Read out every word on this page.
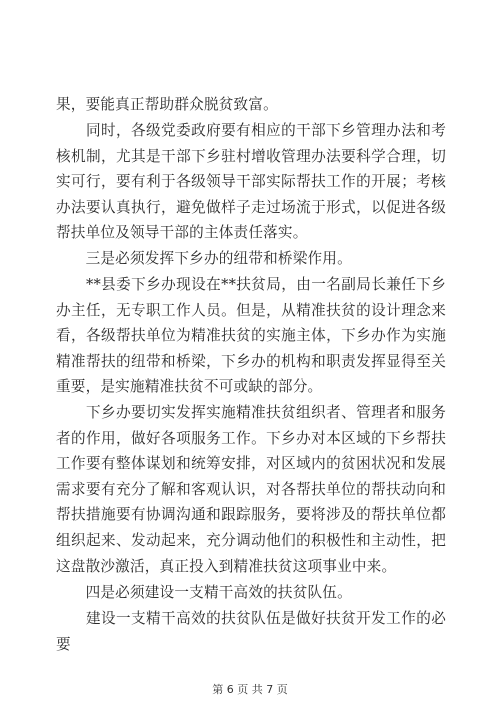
果，要能真正帮助群众脱贫致富。

　　同时，各级党委政府要有相应的干部下乡管理办法和考核机制，尤其是干部下乡驻村增收管理办法要科学合理，切实可行，要有利于各级领导干部实际帮扶工作的开展；考核办法要认真执行，避免做样子走过场流于形式，以促进各级帮扶单位及领导干部的主体责任落实。

　　三是必须发挥下乡办的纽带和桥梁作用。

　　**县委下乡办现设在**扶贫局，由一名副局长兼任下乡办主任，无专职工作人员。但是，从精准扶贫的设计理念来看，各级帮扶单位为精准扶贫的实施主体，下乡办作为实施精准帮扶的纽带和桥梁，下乡办的机构和职责发挥显得至关重要，是实施精准扶贫不可或缺的部分。

　　下乡办要切实发挥实施精准扶贫组织者、管理者和服务者的作用，做好各项服务工作。下乡办对本区域的下乡帮扶工作要有整体谋划和统筹安排，对区域内的贫困状况和发展需求要有充分了解和客观认识，对各帮扶单位的帮扶动向和帮扶措施要有协调沟通和跟踪服务，要将涉及的帮扶单位都组织起来、发动起来，充分调动他们的积极性和主动性，把这盘散沙激活，真正投入到精准扶贫这项事业中来。

　　四是必须建设一支精干高效的扶贫队伍。

　　建设一支精干高效的扶贫队伍是做好扶贫开发工作的必要

第 6 页 共 7 页
